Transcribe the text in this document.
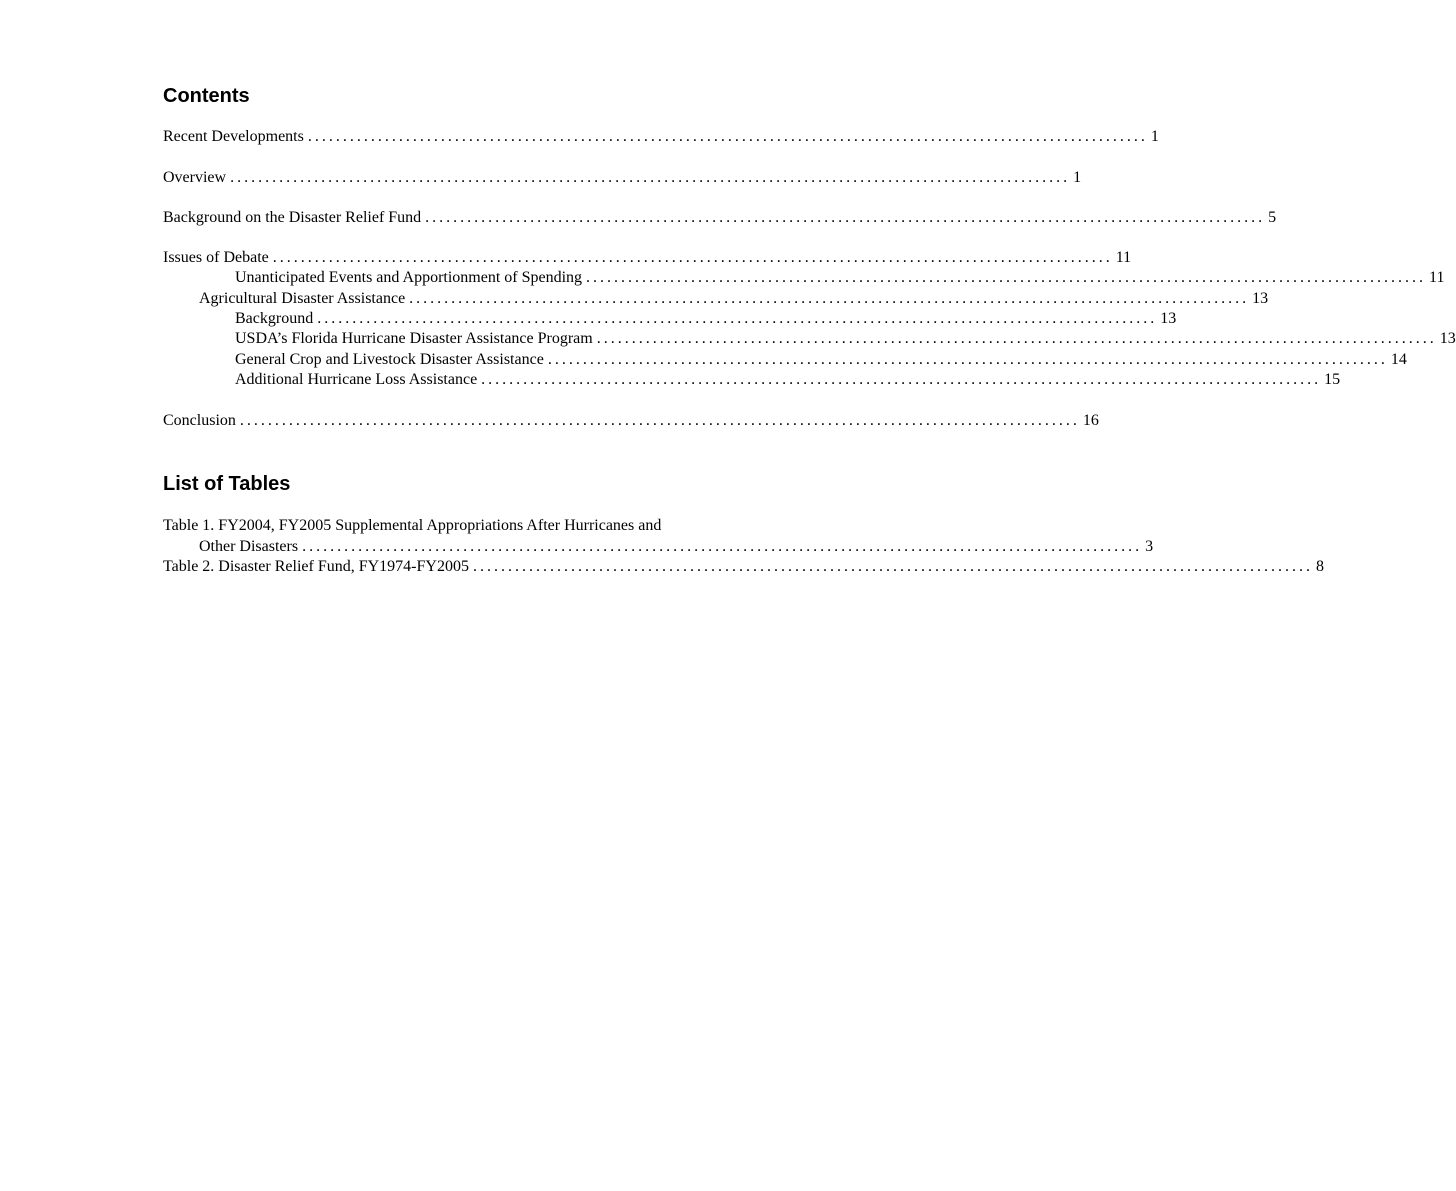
Contents
Recent Developments ........................................................................................................................ 1
Overview ........................................................................................................................ 1
Background on the Disaster Relief Fund ........................................................................................................................ 5
Issues of Debate ........................................................................................................................ 11
Unanticipated Events and Apportionment of Spending ........................................................................................................................ 11
Agricultural Disaster Assistance ........................................................................................................................ 13
Background ........................................................................................................................ 13
USDA’s Florida Hurricane Disaster Assistance Program ........................................................................................................................ 13
General Crop and Livestock Disaster Assistance ........................................................................................................................ 14
Additional Hurricane Loss Assistance ........................................................................................................................ 15
Conclusion ........................................................................................................................ 16
List of Tables
Table 1. FY2004, FY2005 Supplemental Appropriations After Hurricanes and
Other Disasters ........................................................................................................................ 3
Table 2. Disaster Relief Fund, FY1974-FY2005 ........................................................................................................................ 8
